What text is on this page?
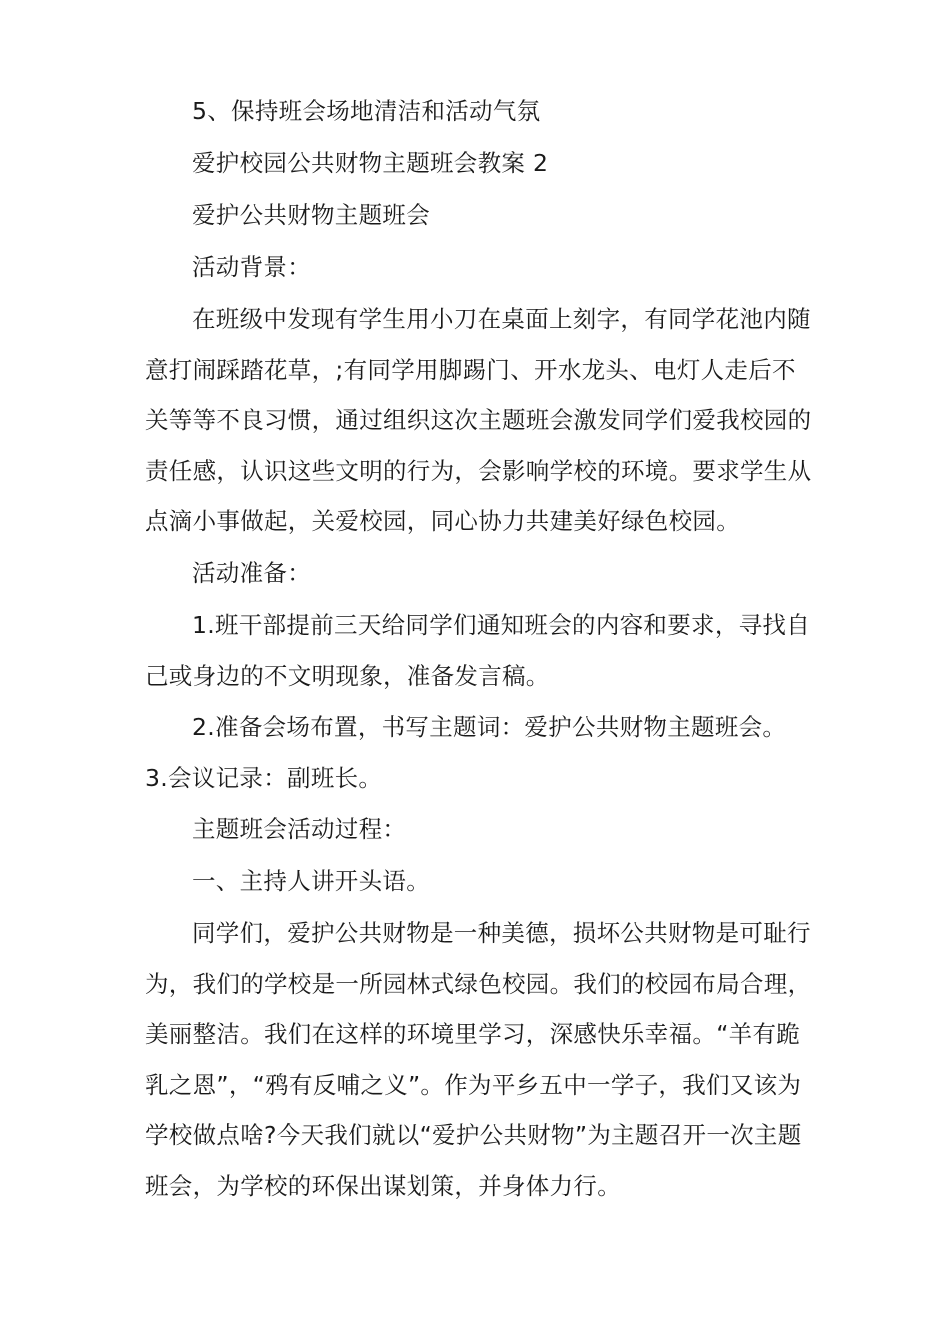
5、保持班会场地清洁和活动气氛

爱护校园公共财物主题班会教案 2

爱护公共财物主题班会

活动背景：

在班级中发现有学生用小刀在桌面上刻字，有同学花池内随意打闹踩踏花草，;有同学用脚踢门、开水龙头、电灯人走后不关等等不良习惯，通过组织这次主题班会激发同学们爱我校园的责任感，认识这些文明的行为，会影响学校的环境。要求学生从点滴小事做起，关爱校园，同心协力共建美好绿色校园。

活动准备：

1.班干部提前三天给同学们通知班会的内容和要求，寻找自己或身边的不文明现象，准备发言稿。

2.准备会场布置，书写主题词：爱护公共财物主题班会。 3.会议记录：副班长。

主题班会活动过程：

一、主持人讲开头语。

同学们，爱护公共财物是一种美德，损坏公共财物是可耻行为，我们的学校是一所园林式绿色校园。我们的校园布局合理，美丽整洁。我们在这样的环境里学习，深感快乐幸福。“羊有跪乳之恩”，“鸦有反哺之义”。作为平乡五中一学子，我们又该为学校做点啥?今天我们就以“爱护公共财物”为主题召开一次主题班会，为学校的环保出谋划策，并身体力行。
